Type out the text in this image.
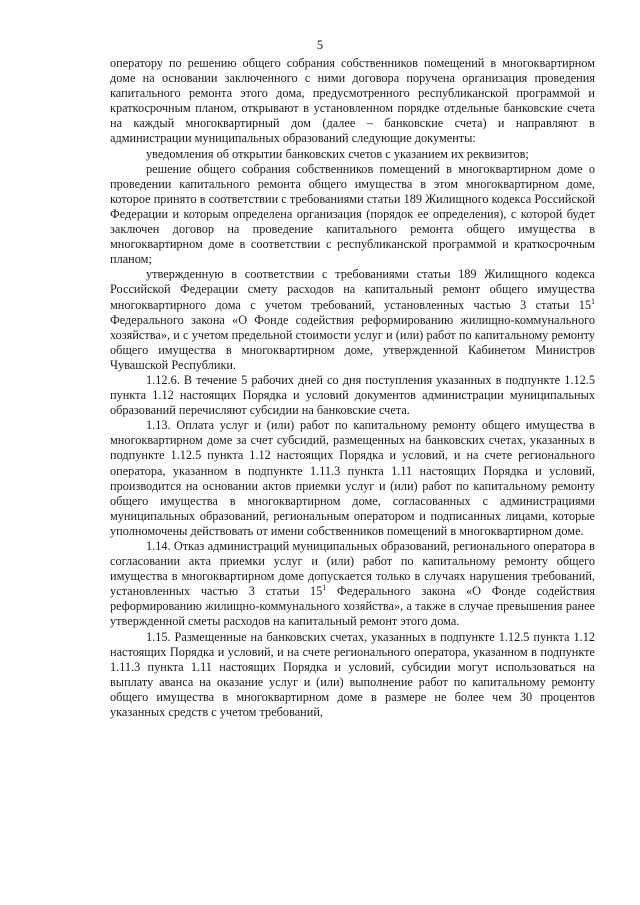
5

оператору по решению общего собрания собственников помещений в многоквартирном доме на основании заключенного с ними договора поручена организация проведения капитального ремонта этого дома, предусмотренного республиканской программой и краткосрочным планом, открывают в установленном порядке отдельные банковские счета на каждый многоквартирный дом (далее – банковские счета) и направляют в администрации муниципальных образований следующие документы:

уведомления об открытии банковских счетов с указанием их реквизитов;

решение общего собрания собственников помещений в многоквартирном доме о проведении капитального ремонта общего имущества в этом многоквартирном доме, которое принято в соответствии с требованиями статьи 189 Жилищного кодекса Российской Федерации и которым определена организация (порядок ее определения), с которой будет заключен договор на проведение капитального ремонта общего имущества в многоквартирном доме в соответствии с республиканской программой и краткосрочным планом;

утвержденную в соответствии с требованиями статьи 189 Жилищного кодекса Российской Федерации смету расходов на капитальный ремонт общего имущества многоквартирного дома с учетом требований, установленных частью 3 статьи $15^1$ Федерального закона «О Фонде содействия реформированию жилищно-коммунального хозяйства», и с учетом предельной стоимости услуг и (или) работ по капитальному ремонту общего имущества в многоквартирном доме, утвержденной Кабинетом Министров Чувашской Республики.

1.12.6. В течение 5 рабочих дней со дня поступления указанных в подпункте 1.12.5 пункта 1.12 настоящих Порядка и условий документов администрации муниципальных образований перечисляют субсидии на банковские счета.

1.13. Оплата услуг и (или) работ по капитальному ремонту общего имущества в многоквартирном доме за счет субсидий, размещенных на банковских счетах, указанных в подпункте 1.12.5 пункта 1.12 настоящих Порядка и условий, и на счете регионального оператора, указанном в подпункте 1.11.3 пункта 1.11 настоящих Порядка и условий, производится на основании актов приемки услуг и (или) работ по капитальному ремонту общего имущества в многоквартирном доме, согласованных с администрациями муниципальных образований, региональным оператором и подписанных лицами, которые уполномочены действовать от имени собственников помещений в многоквартирном доме.

1.14. Отказ администраций муниципальных образований, регионального оператора в согласовании акта приемки услуг и (или) работ по капитальному ремонту общего имущества в многоквартирном доме допускается только в случаях нарушения требований, установленных частью 3 статьи $15^1$ Федерального закона «О Фонде содействия реформированию жилищно-коммунального хозяйства», а также в случае превышения ранее утвержденной сметы расходов на капитальный ремонт этого дома.

1.15. Размещенные на банковских счетах, указанных в подпункте 1.12.5 пункта 1.12 настоящих Порядка и условий, и на счете регионального оператора, указанном в подпункте 1.11.3 пункта 1.11 настоящих Порядка и условий, субсидии могут использоваться на выплату аванса на оказание услуг и (или) выполнение работ по капитальному ремонту общего имущества в многоквартирном доме в размере не более чем 30 процентов указанных средств с учетом требований,
